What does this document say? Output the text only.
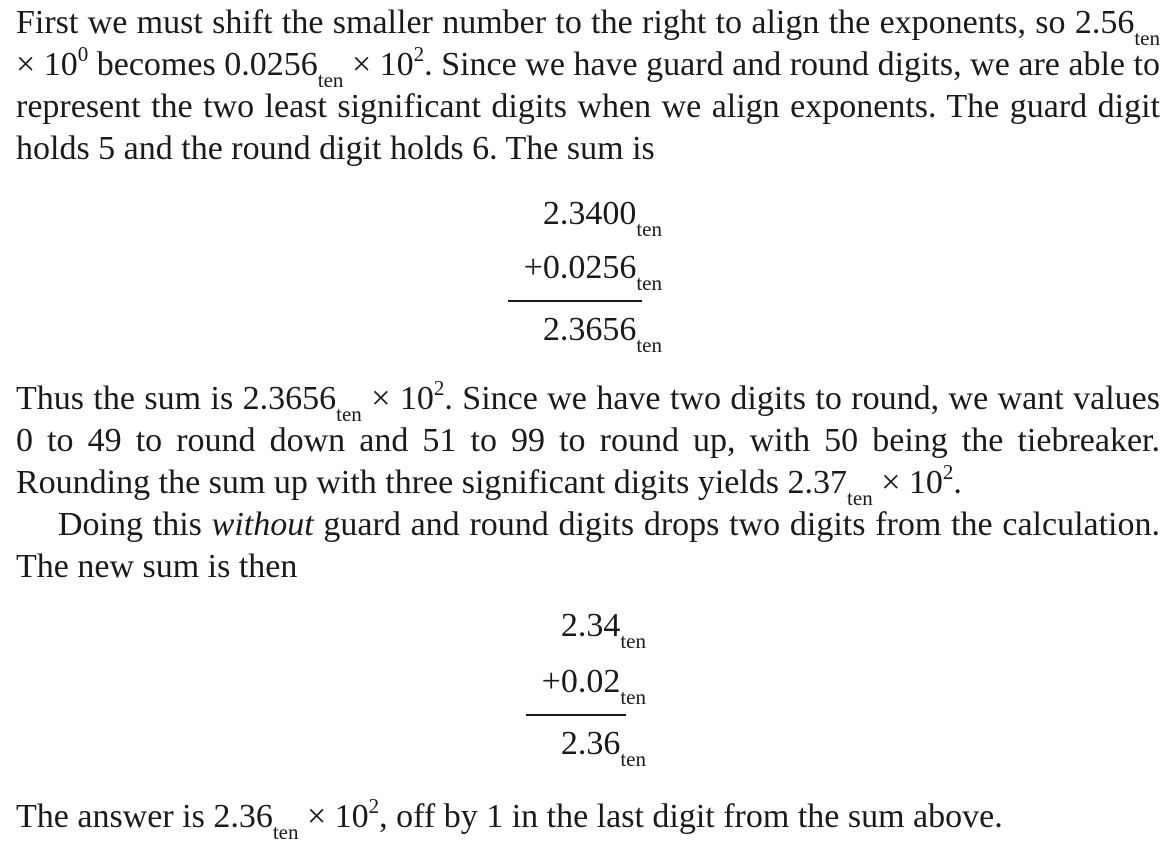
First we must shift the smaller number to the right to align the exponents, so $2.56_{ten} \times 10^0$ becomes $0.0256_{ten} \times 10^2$. Since we have guard and round digits, we are able to represent the two least significant digits when we align exponents. The guard digit holds 5 and the round digit holds 6. The sum is

$2.3400_{ten}$
$+0.0256_{ten}$
$2.3656_{ten}$

Thus the sum is $2.3656_{ten} \times 10^2$. Since we have two digits to round, we want values 0 to 49 to round down and 51 to 99 to round up, with 50 being the tiebreaker. Rounding the sum up with three significant digits yields $2.37_{ten} \times 10^2$.

Doing this without guard and round digits drops two digits from the calculation. The new sum is then

$2.34_{ten}$
$+0.02_{ten}$
$2.36_{ten}$

The answer is $2.36_{ten} \times 10^2$, off by 1 in the last digit from the sum above.
